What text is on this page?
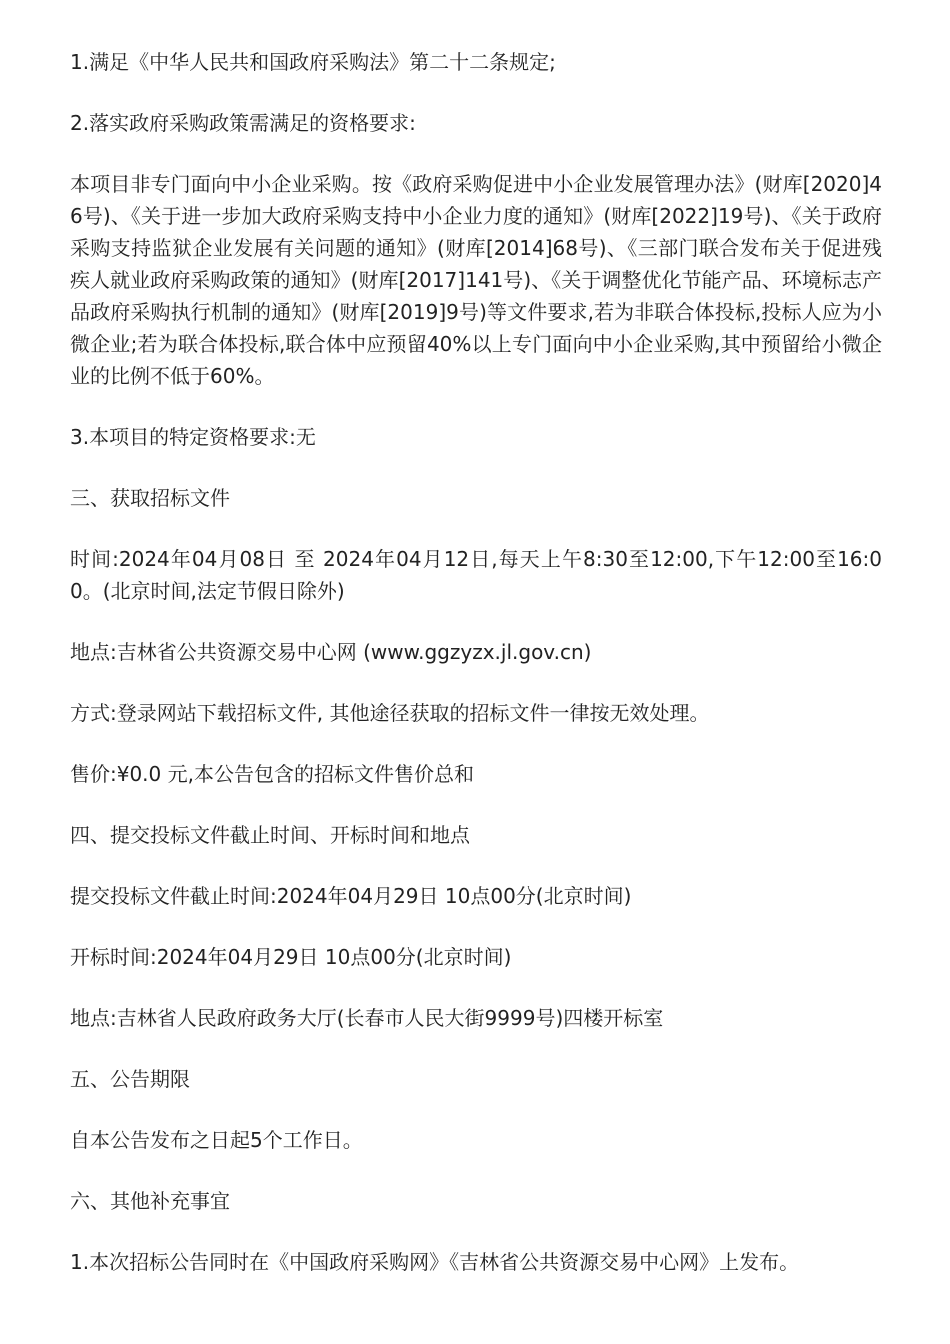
1.满足《中华人民共和国政府采购法》第二十二条规定;

2.落实政府采购政策需满足的资格要求:

本项目非专门面向中小企业采购。按《政府采购促进中小企业发展管理办法》(财库[2020]46号)、《关于进一步加大政府采购支持中小企业力度的通知》(财库[2022]19号)、《关于政府采购支持监狱企业发展有关问题的通知》(财库[2014]68号)、《三部门联合发布关于促进残疾人就业政府采购政策的通知》(财库[2017]141号)、《关于调整优化节能产品、环境标志产品政府采购执行机制的通知》(财库[2019]9号)等文件要求,若为非联合体投标,投标人应为小微企业;若为联合体投标,联合体中应预留40%以上专门面向中小企业采购,其中预留给小微企业的比例不低于60%。

3.本项目的特定资格要求:无

三、获取招标文件

时间:2024年04月08日 至 2024年04月12日,每天上午8:30至12:00,下午12:00至16:00。(北京时间,法定节假日除外)

地点:吉林省公共资源交易中心网 (www.ggzyzx.jl.gov.cn)

方式:登录网站下载招标文件, 其他途径获取的招标文件一律按无效处理。

售价:¥0.0 元,本公告包含的招标文件售价总和

四、提交投标文件截止时间、开标时间和地点

提交投标文件截止时间:2024年04月29日 10点00分(北京时间)

开标时间:2024年04月29日 10点00分(北京时间)

地点:吉林省人民政府政务大厅(长春市人民大街9999号)四楼开标室

五、公告期限

自本公告发布之日起5个工作日。

六、其他补充事宜

1.本次招标公告同时在《中国政府采购网》《吉林省公共资源交易中心网》上发布。
